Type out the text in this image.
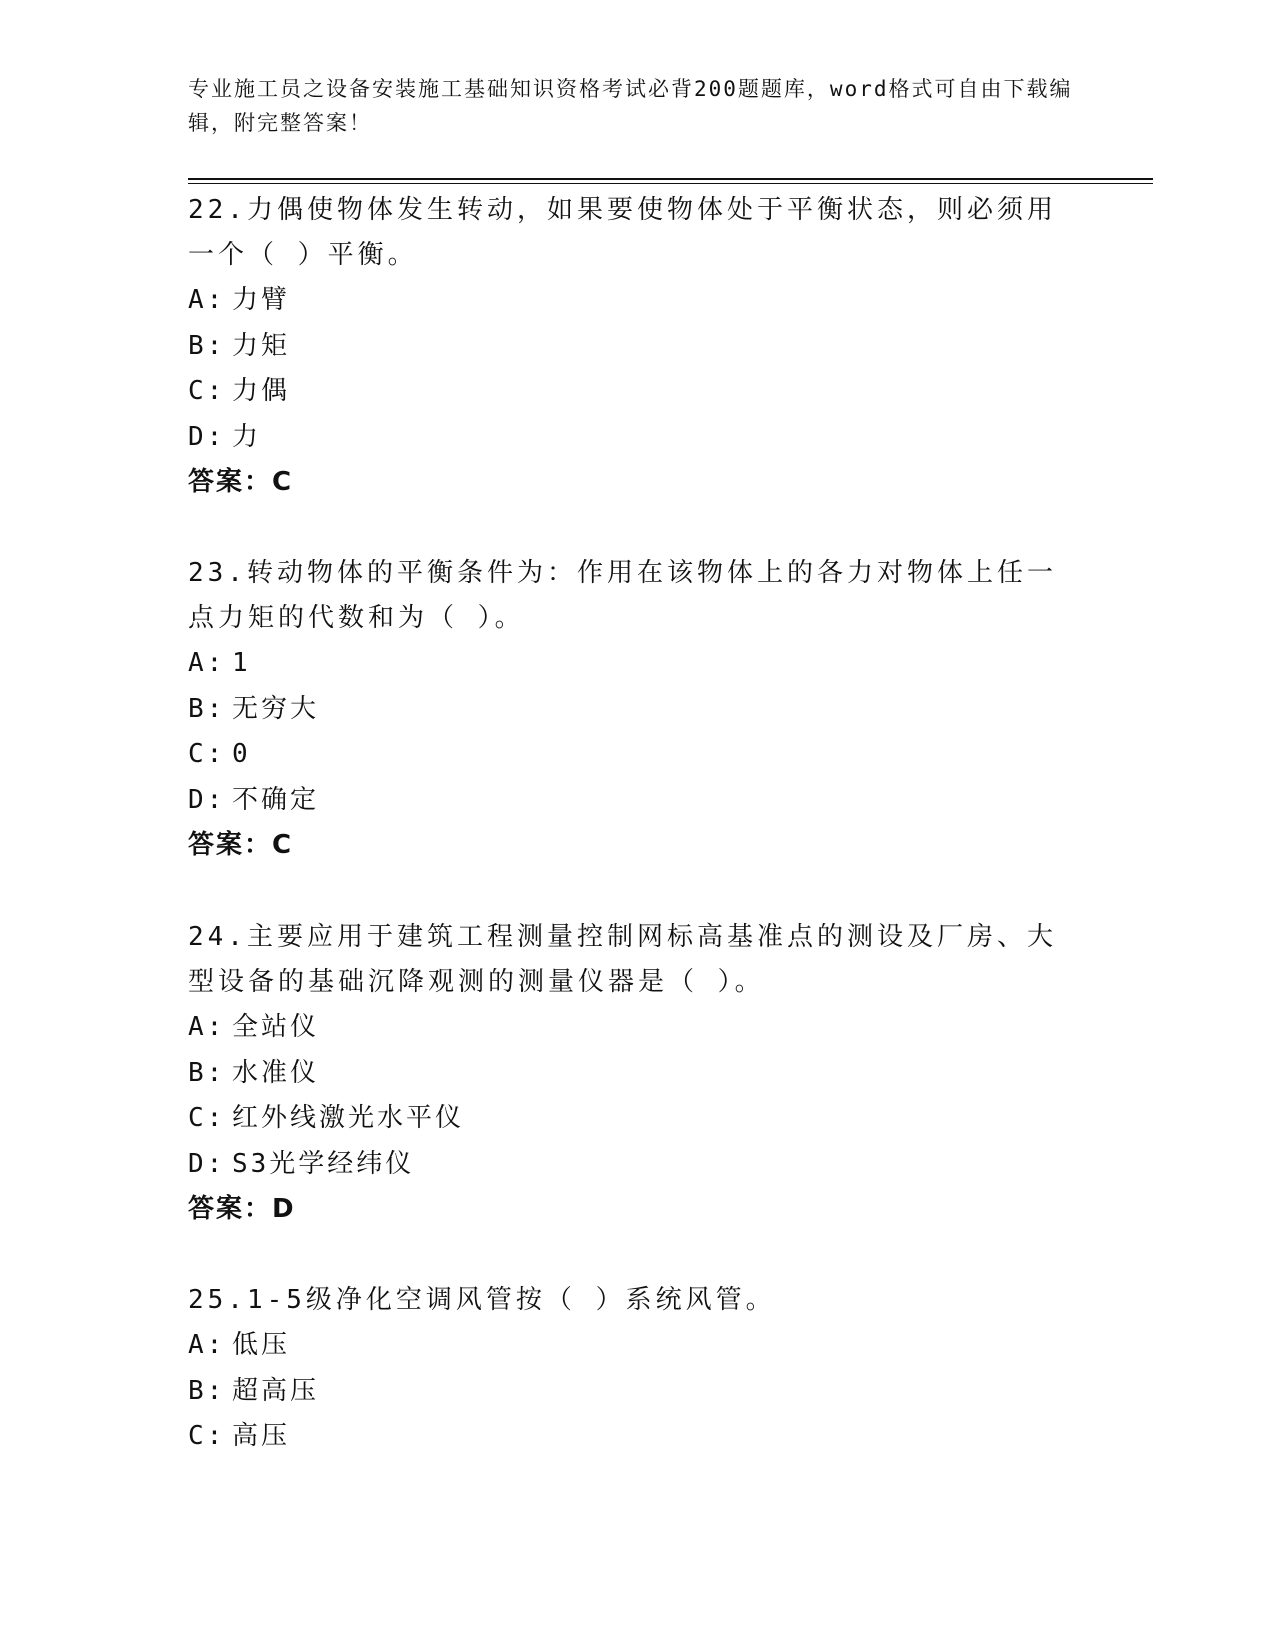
专业施工员之设备安装施工基础知识资格考试必背200题题库，word格式可自由下载编辑，附完整答案！

22.力偶使物体发生转动，如果要使物体处于平衡状态，则必须用一个（ ）平衡。

A: 力臂

B: 力矩

C: 力偶

D: 力

答案：C

23.转动物体的平衡条件为：作用在该物体上的各力对物体上任一点力矩的代数和为（ ）。

A: 1

B: 无穷大

C: 0

D: 不确定

答案：C

24.主要应用于建筑工程测量控制网标高基准点的测设及厂房、大型设备的基础沉降观测的测量仪器是（ ）。

A: 全站仪

B: 水准仪

C: 红外线激光水平仪

D: S3光学经纬仪

答案：D

25.1-5级净化空调风管按（ ）系统风管。

A: 低压

B: 超高压

C: 高压
